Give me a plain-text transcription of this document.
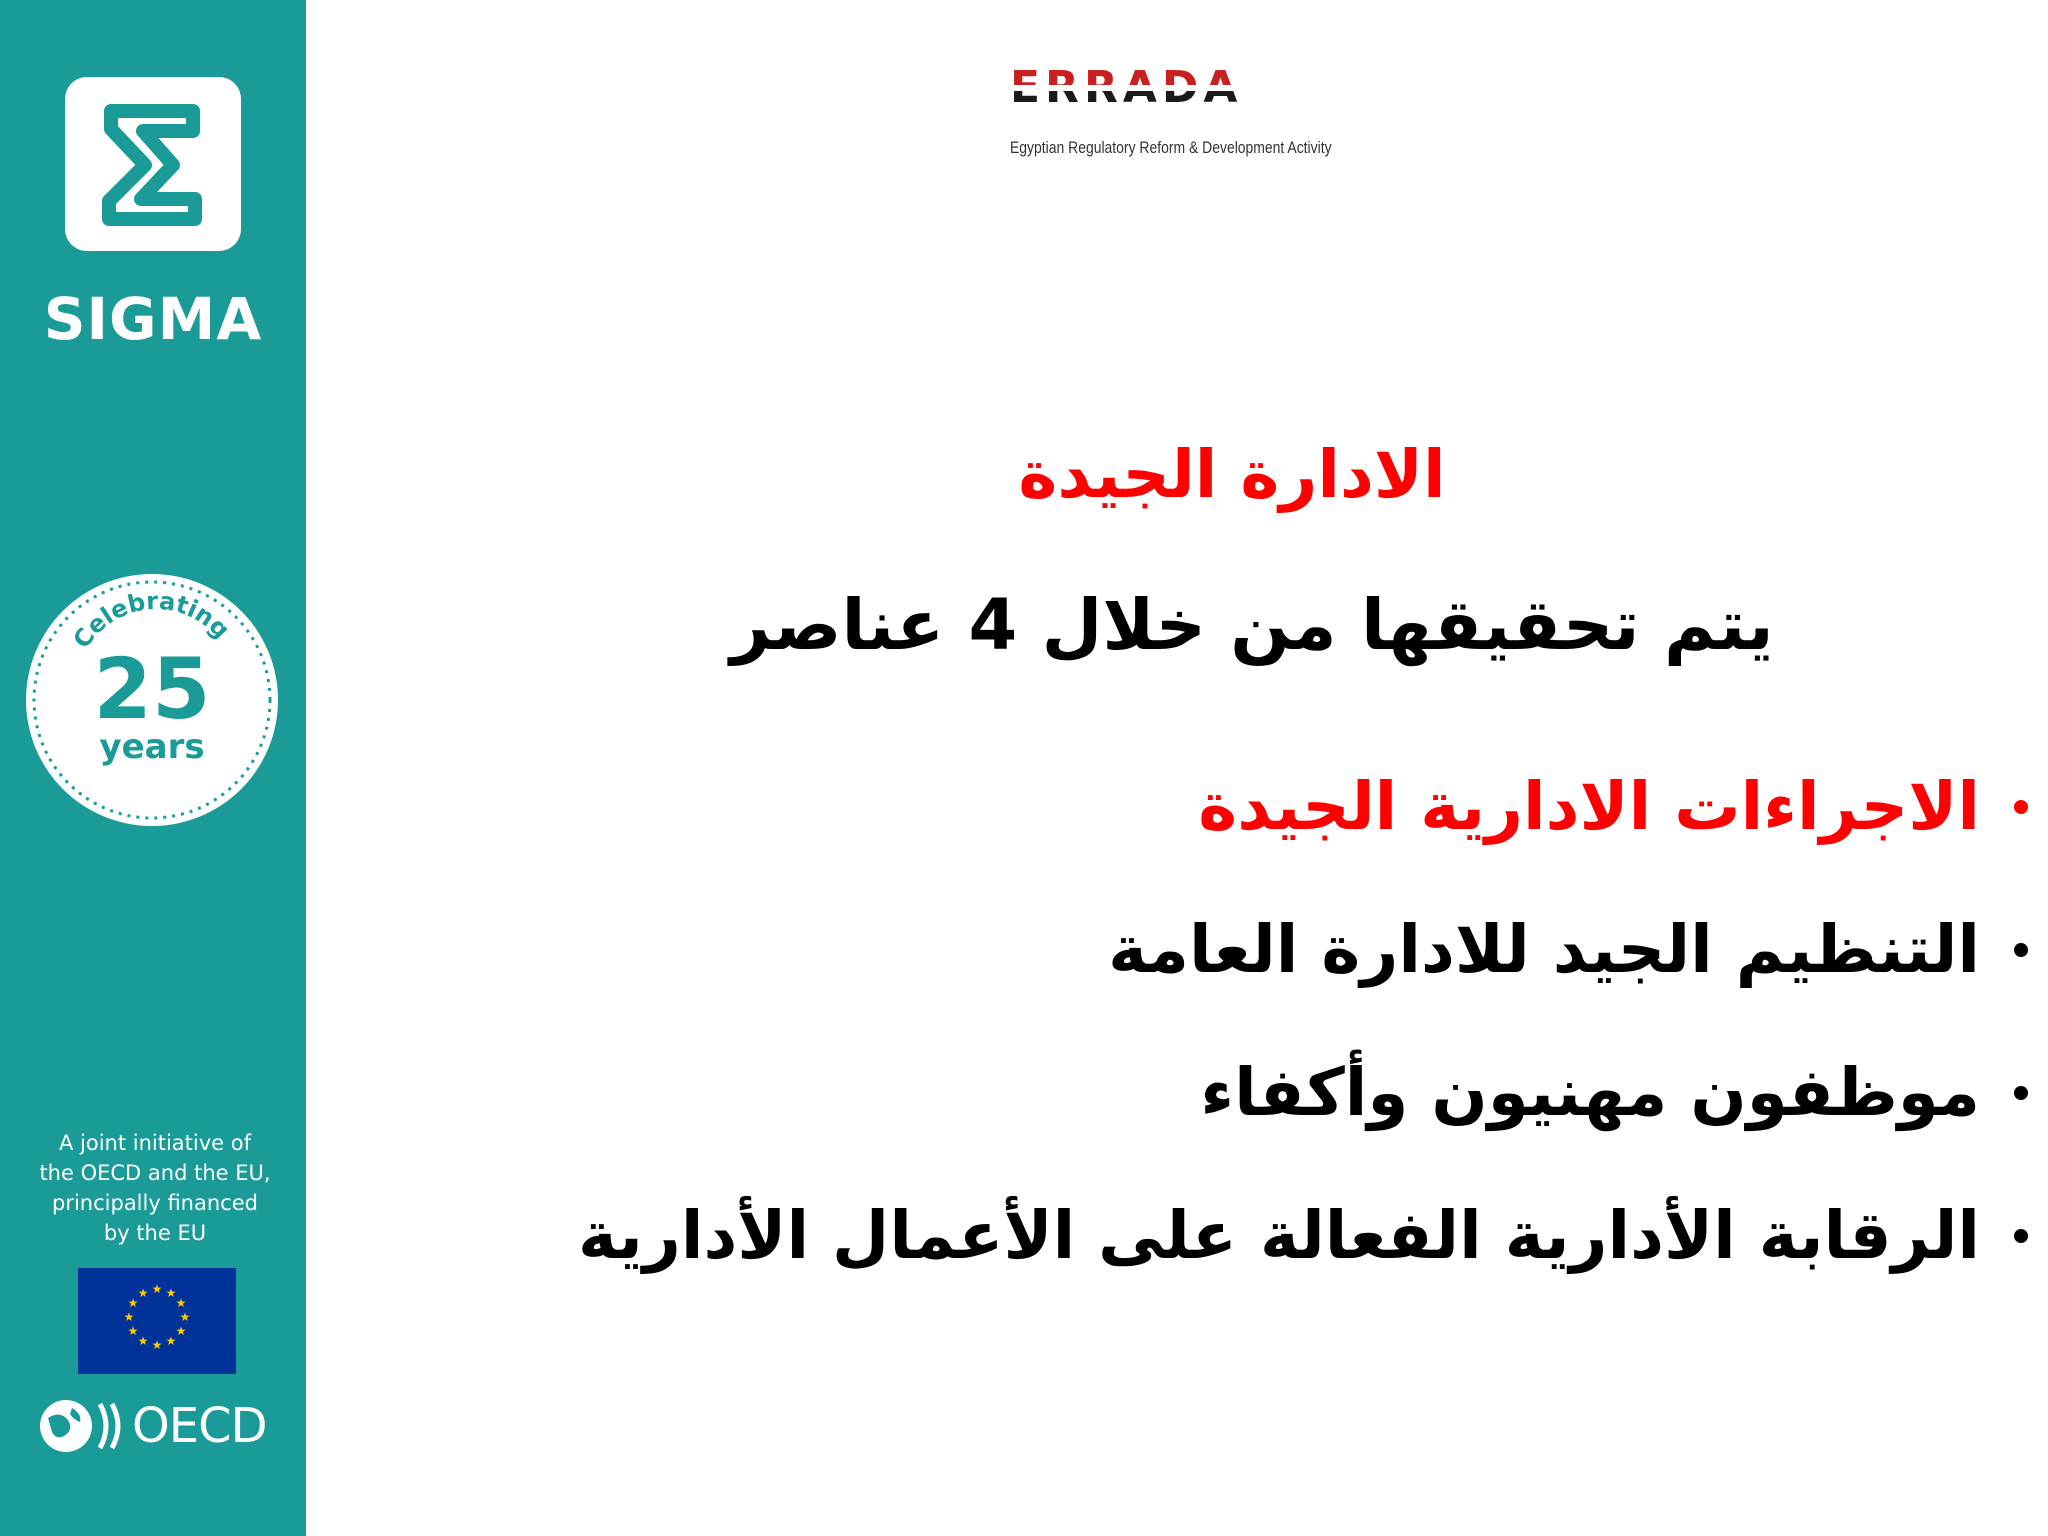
SIGMA
Celebrating
25
years
A joint initiative of
the OECD and the EU,
principally financed
by the EU
★ ★
★
★
★
★
★
★
★
★
★
★
OECD
ERRADA
Egyptian Regulatory Reform & Development Activity
الادارة الجيدة
يتم تحقيقها من خلال 4 عناصر
الاجراءات الادارية الجيدة
التنظيم الجيد للادارة العامة
موظفون مهنيون وأكفاء
الرقابة الأدارية الفعالة على الأعمال الأدارية
